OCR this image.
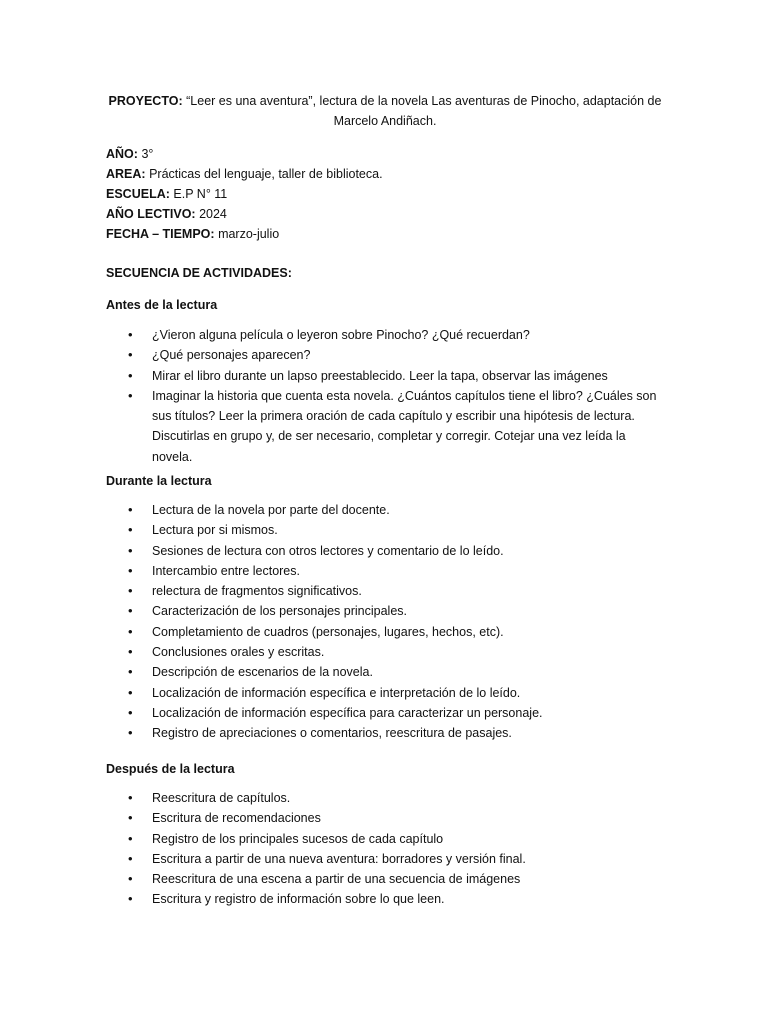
PROYECTO: “Leer es una aventura”, lectura de la novela Las aventuras de Pinocho, adaptación de Marcelo Andiñach.
AÑO: 3°
AREA: Prácticas del lenguaje, taller de biblioteca.
ESCUELA: E.P N° 11
AÑO LECTIVO: 2024
FECHA – TIEMPO: marzo-julio
SECUENCIA DE ACTIVIDADES:
Antes de la lectura
• ¿Vieron alguna película o leyeron sobre Pinocho? ¿Qué recuerdan?
• ¿Qué personajes aparecen?
• Mirar el libro durante un lapso preestablecido. Leer la tapa, observar las imágenes
• Imaginar la historia que cuenta esta novela. ¿Cuántos capítulos tiene el libro? ¿Cuáles son sus títulos? Leer la primera oración de cada capítulo y escribir una hipótesis de lectura. Discutirlas en grupo y, de ser necesario, completar y corregir. Cotejar una vez leída la novela.
Durante la lectura
• Lectura de la novela por parte del docente.
• Lectura por si mismos.
• Sesiones de lectura con otros lectores y comentario de lo leído.
• Intercambio entre lectores.
• relectura de fragmentos significativos.
• Caracterización de los personajes principales.
• Completamiento de cuadros (personajes, lugares, hechos, etc).
• Conclusiones orales y escritas.
• Descripción de escenarios de la novela.
• Localización de información específica e interpretación de lo leído.
• Localización de información específica para caracterizar un personaje.
• Registro de apreciaciones o comentarios, reescritura de pasajes.
Después de la lectura
• Reescritura de capítulos.
• Escritura de recomendaciones
• Registro de los principales sucesos de cada capítulo
• Escritura a partir de una nueva aventura: borradores y versión final.
• Reescritura de una escena a partir de una secuencia de imágenes
• Escritura y registro de información sobre lo que leen.
